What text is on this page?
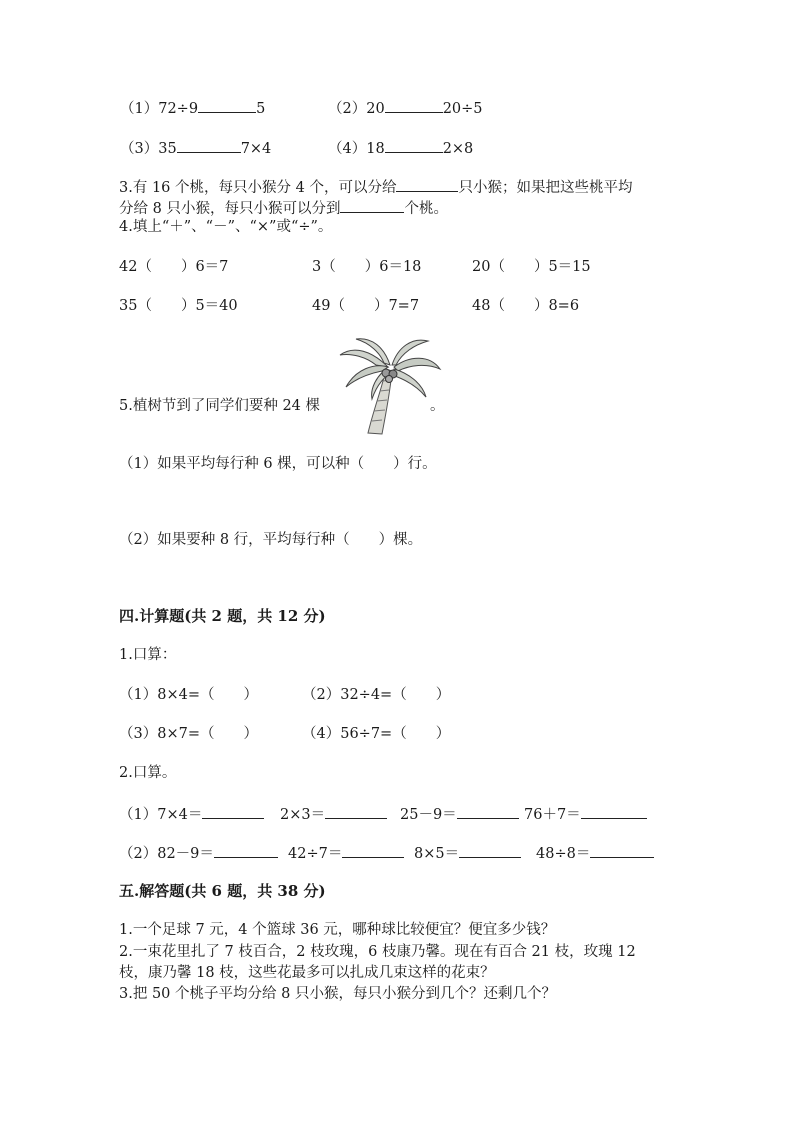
（1）72÷9	5	（2）20	20÷5
（3）35	7×4	（4）18	2×8
3.有 16 个桃，每只小猴分 4 个，可以分给	只小猴；如果把这些桃平均
分给 8 只小猴，每只小猴可以分到	个桃。
4.填上“＋”、“－”、“×”或“÷”。
42（　　）6＝7	3（　　）6＝18	20（　　）5＝15
35（　　）5＝40	49（　　）7=7	48（　　）8=6
5.植树节到了同学们要种 24 棵	。
（1）如果平均每行种 6 棵，可以种（　　）行。
（2）如果要种 8 行，平均每行种（　　）棵。
四.计算题(共 2 题，共 12 分)
1.口算：
（1）8×4=（　　）	（2）32÷4=（　　）
（3）8×7=（　　）	（4）56÷7=（　　）
2.口算。
（1）7×4＝	2×3＝	25－9＝	76＋7＝
（2）82－9＝	42÷7＝	8×5＝	48÷8＝
五.解答题(共 6 题，共 38 分)
1.一个足球 7 元，4 个篮球 36 元，哪种球比较便宜？便宜多少钱？
2.一束花里扎了 7 枝百合，2 枝玫瑰，6 枝康乃馨。现在有百合 21 枝，玫瑰 12
枝，康乃馨 18 枝，这些花最多可以扎成几束这样的花束？
3.把 50 个桃子平均分给 8 只小猴，每只小猴分到几个？还剩几个？
